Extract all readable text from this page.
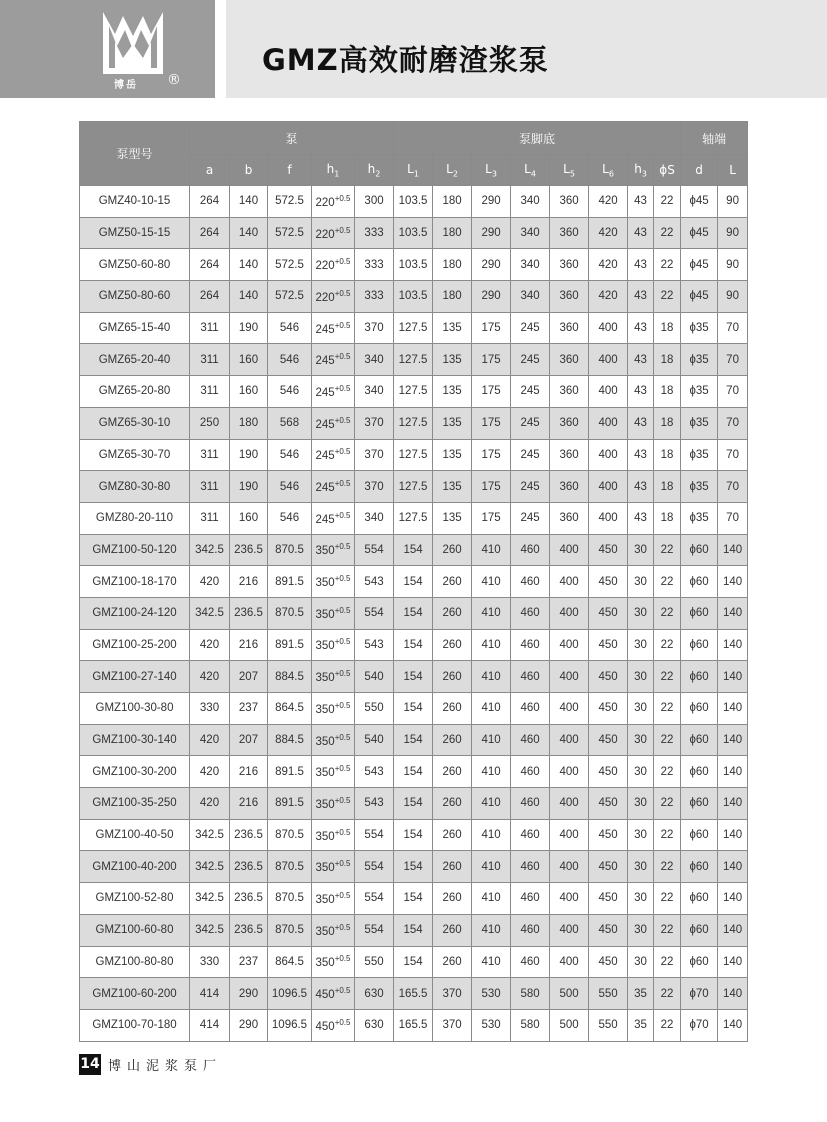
®
博岳
GMZ高效耐磨渣浆泵
泵型号	泵					泵脚底								轴端	
	a	b	f	$h_1$	$h_2$	$L_1$	$L_2$	$L_3$	$L_4$	$L_5$	$L_6$	$h_3$	ɸS	d	L
GMZ40-10-15	264	140	572.5	$220^{+0.5}$	300	103.5	180	290	340	360	420	43	22	ɸ45	90
GMZ50-15-15	264	140	572.5	$220^{+0.5}$	333	103.5	180	290	340	360	420	43	22	ɸ45	90
GMZ50-60-80	264	140	572.5	$220^{+0.5}$	333	103.5	180	290	340	360	420	43	22	ɸ45	90
GMZ50-80-60	264	140	572.5	$220^{+0.5}$	333	103.5	180	290	340	360	420	43	22	ɸ45	90
GMZ65-15-40	311	190	546	$245^{+0.5}$	370	127.5	135	175	245	360	400	43	18	ɸ35	70
GMZ65-20-40	311	160	546	$245^{+0.5}$	340	127.5	135	175	245	360	400	43	18	ɸ35	70
GMZ65-20-80	311	160	546	$245^{+0.5}$	340	127.5	135	175	245	360	400	43	18	ɸ35	70
GMZ65-30-10	250	180	568	$245^{+0.5}$	370	127.5	135	175	245	360	400	43	18	ɸ35	70
GMZ65-30-70	311	190	546	$245^{+0.5}$	370	127.5	135	175	245	360	400	43	18	ɸ35	70
GMZ80-30-80	311	190	546	$245^{+0.5}$	370	127.5	135	175	245	360	400	43	18	ɸ35	70
GMZ80-20-110	311	160	546	$245^{+0.5}$	340	127.5	135	175	245	360	400	43	18	ɸ35	70
GMZ100-50-120	342.5	236.5	870.5	$350^{+0.5}$	554	154	260	410	460	400	450	30	22	ɸ60	140
GMZ100-18-170	420	216	891.5	$350^{+0.5}$	543	154	260	410	460	400	450	30	22	ɸ60	140
GMZ100-24-120	342.5	236.5	870.5	$350^{+0.5}$	554	154	260	410	460	400	450	30	22	ɸ60	140
GMZ100-25-200	420	216	891.5	$350^{+0.5}$	543	154	260	410	460	400	450	30	22	ɸ60	140
GMZ100-27-140	420	207	884.5	$350^{+0.5}$	540	154	260	410	460	400	450	30	22	ɸ60	140
GMZ100-30-80	330	237	864.5	$350^{+0.5}$	550	154	260	410	460	400	450	30	22	ɸ60	140
GMZ100-30-140	420	207	884.5	$350^{+0.5}$	540	154	260	410	460	400	450	30	22	ɸ60	140
GMZ100-30-200	420	216	891.5	$350^{+0.5}$	543	154	260	410	460	400	450	30	22	ɸ60	140
GMZ100-35-250	420	216	891.5	$350^{+0.5}$	543	154	260	410	460	400	450	30	22	ɸ60	140
GMZ100-40-50	342.5	236.5	870.5	$350^{+0.5}$	554	154	260	410	460	400	450	30	22	ɸ60	140
GMZ100-40-200	342.5	236.5	870.5	$350^{+0.5}$	554	154	260	410	460	400	450	30	22	ɸ60	140
GMZ100-52-80	342.5	236.5	870.5	$350^{+0.5}$	554	154	260	410	460	400	450	30	22	ɸ60	140
GMZ100-60-80	342.5	236.5	870.5	$350^{+0.5}$	554	154	260	410	460	400	450	30	22	ɸ60	140
GMZ100-80-80	330	237	864.5	$350^{+0.5}$	550	154	260	410	460	400	450	30	22	ɸ60	140
GMZ100-60-200	414	290	1096.5	$450^{+0.5}$	630	165.5	370	530	580	500	550	35	22	ɸ70	140
GMZ100-70-180	414	290	1096.5	$450^{+0.5}$	630	165.5	370	530	580	500	550	35	22	ɸ70	140
14 博山泥浆泵厂
